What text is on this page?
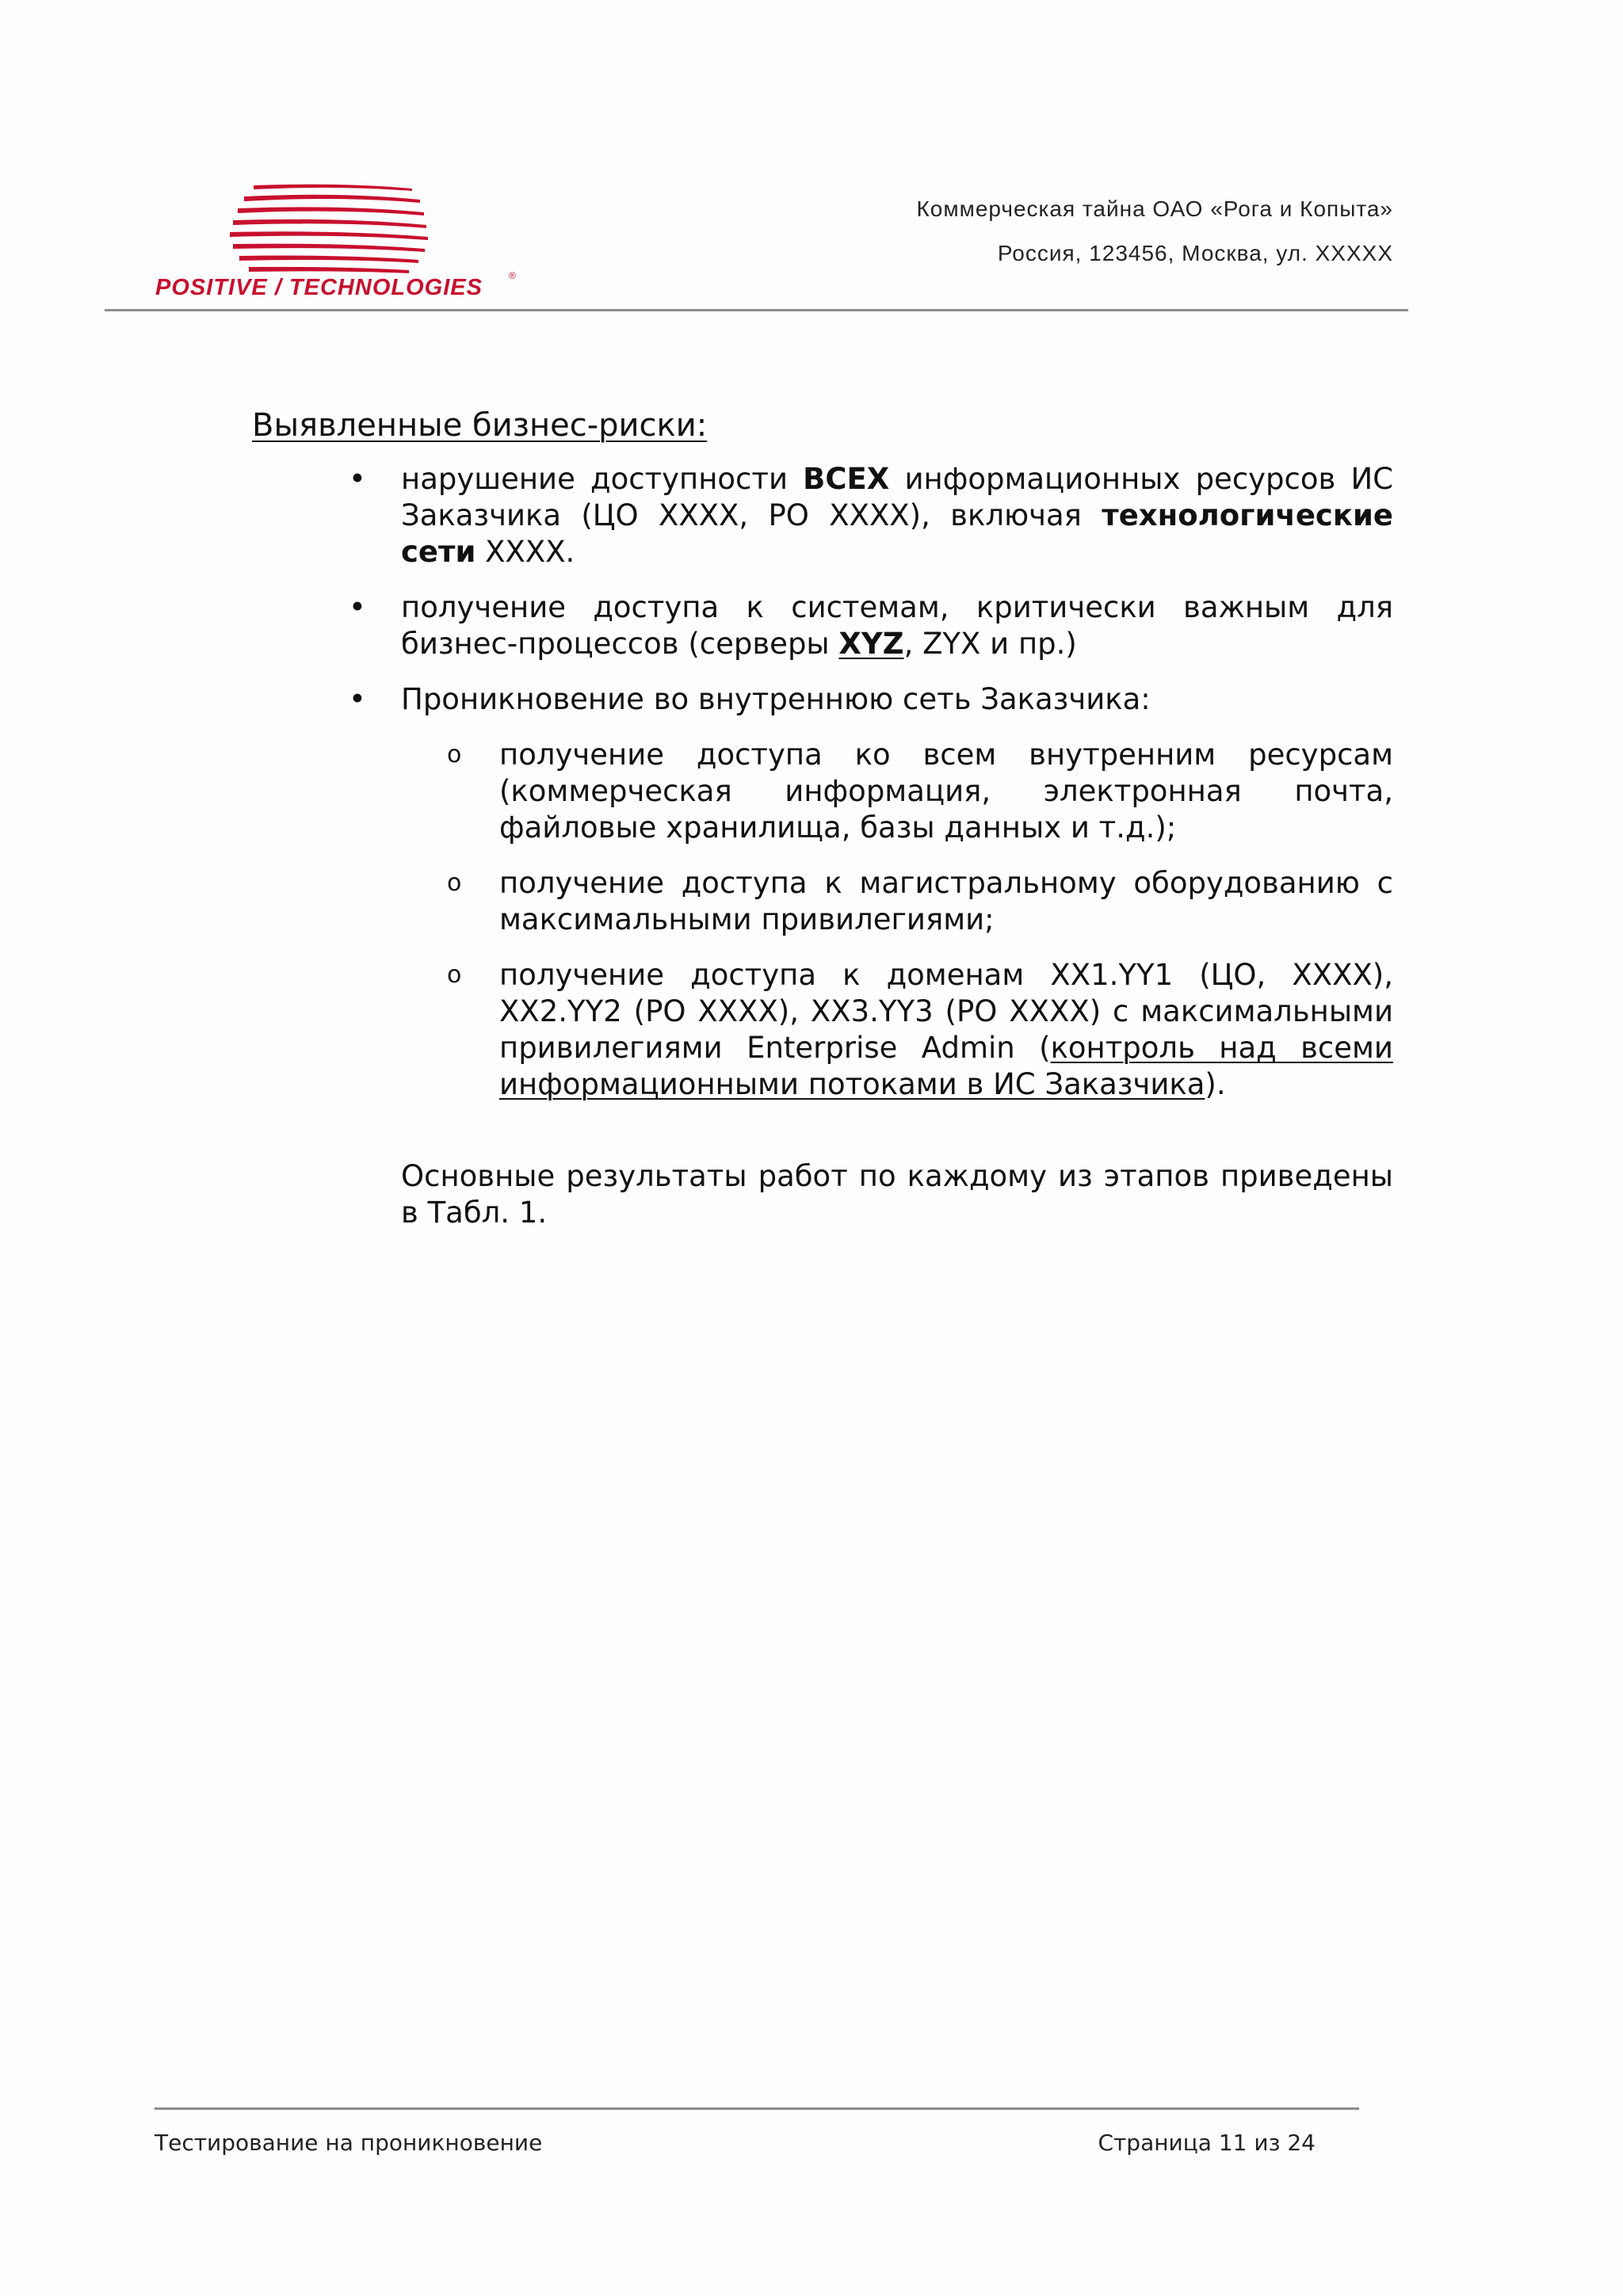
POSITIVE / TECHNOLOGIES	®
Коммерческая тайна ОАО «Рога и Копыта»
Россия, 123456, Москва, ул. XXXXX
Выявленные бизнес-риски:
•	нарушение доступности ВСЕХ информационных ресурсов ИС Заказчика (ЦО XXXX, РО XXXX), включая технологические сети XXXX.
•	получение доступа к системам, критически важным для бизнес-процессов (серверы XYZ, ZYX и пр.)
•	Проникновение во внутреннюю сеть Заказчика:
o	получение доступа ко всем внутренним ресурсам (коммерческая информация, электронная почта, файловые хранилища, базы данных и т.д.);
o	получение доступа к магистральному оборудованию с максимальными привилегиями;
o	получение доступа к доменам XX1.YY1 (ЦО, XXXX), XX2.YY2 (РО XXXX), XX3.YY3 (РО XXXX) с максимальными привилегиями Enterprise Admin (контроль над всеми информационными потоками в ИС Заказчика).
Основные результаты работ по каждому из этапов приведены в Табл. 1.
Тестирование на проникновение	Страница 11 из 24
